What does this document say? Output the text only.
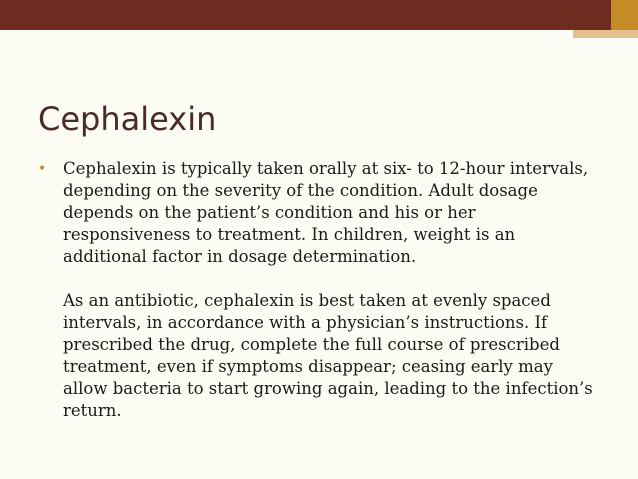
Cephalexin
• Cephalexin is typically taken orally at six- to 12-hour intervals, depending on the severity of the condition. Adult dosage depends on the patient’s condition and his or her responsiveness to treatment. In children, weight is an additional factor in dosage determination.

As an antibiotic, cephalexin is best taken at evenly spaced intervals, in accordance with a physician’s instructions. If prescribed the drug, complete the full course of prescribed treatment, even if symptoms disappear; ceasing early may allow bacteria to start growing again, leading to the infection’s return.
